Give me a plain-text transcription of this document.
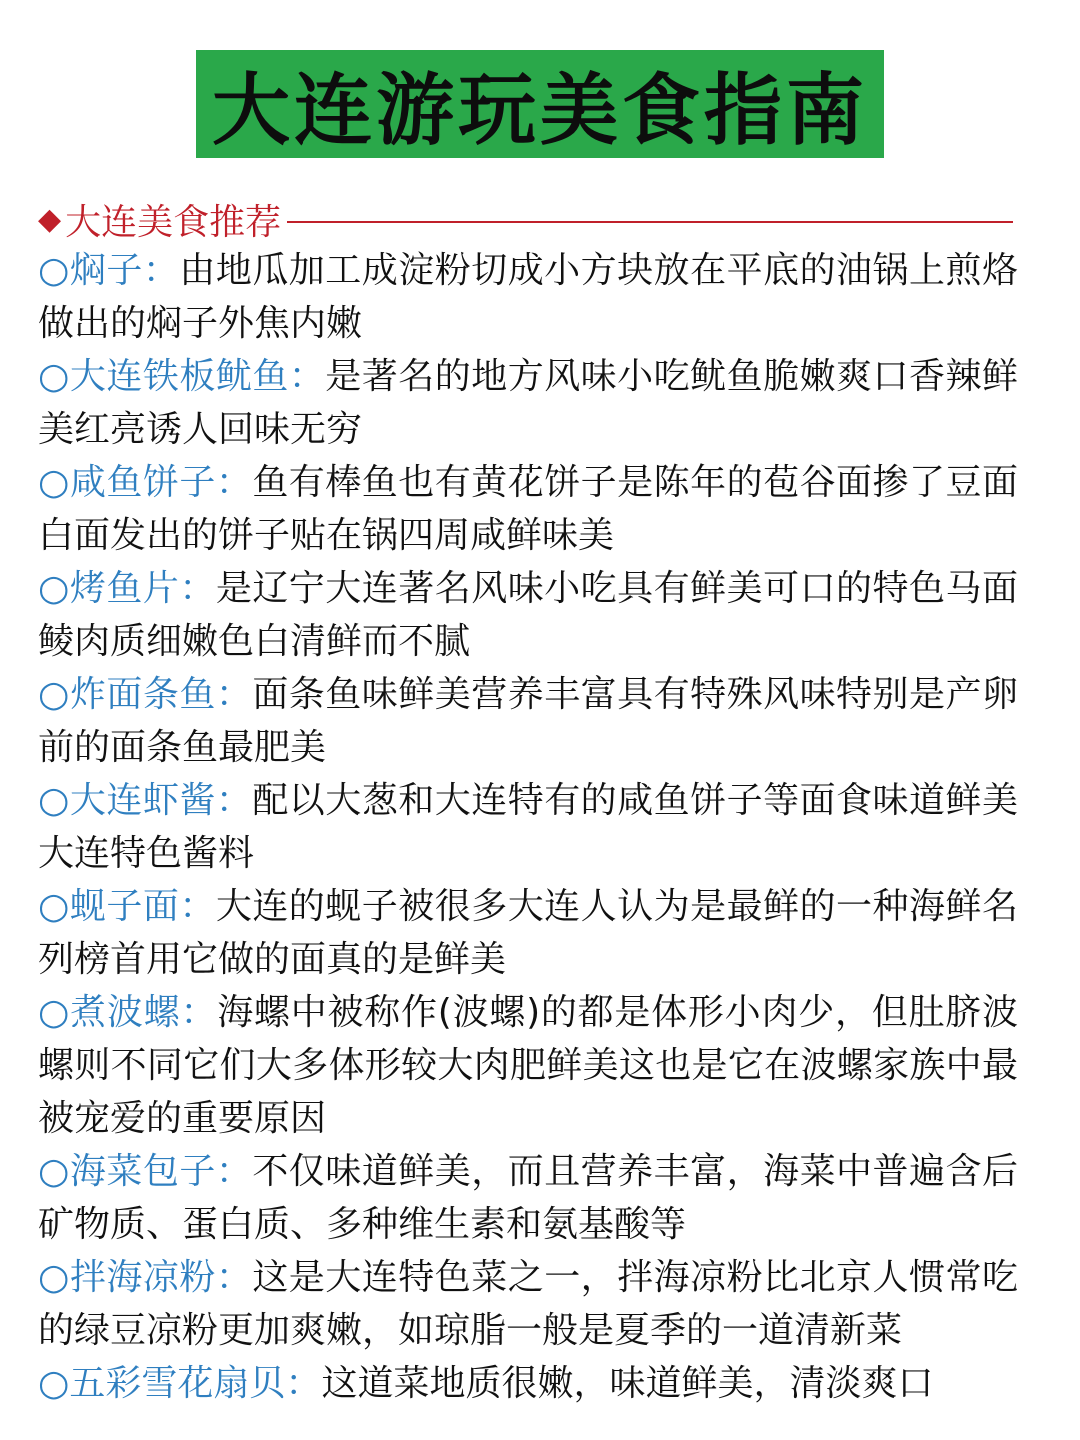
大连游玩美食指南
◆ 大连美食推荐
○焖子：由地瓜加工成淀粉切成小方块放在平底的油锅上煎烙做出的焖子外焦内嫩
○大连铁板鱿鱼：是著名的地方风味小吃鱿鱼脆嫩爽口香辣鲜美红亮诱人回味无穷
○咸鱼饼子：鱼有棒鱼也有黄花饼子是陈年的苞谷面掺了豆面白面发出的饼子贴在锅四周咸鲜味美
○烤鱼片：是辽宁大连著名风味小吃具有鲜美可口的特色马面鲮肉质细嫩色白清鲜而不腻
○炸面条鱼：面条鱼味鲜美营养丰富具有特殊风味特别是产卵前的面条鱼最肥美
○大连虾酱：配以大葱和大连特有的咸鱼饼子等面食味道鲜美大连特色酱料
○蚬子面：大连的蚬子被很多大连人认为是最鲜的一种海鲜名列榜首用它做的面真的是鲜美
○煮波螺：海螺中被称作(波螺)的都是体形小肉少，但肚脐波螺则不同它们大多体形较大肉肥鲜美这也是它在波螺家族中最被宠爱的重要原因
○海菜包子：不仅味道鲜美，而且营养丰富，海菜中普遍含后矿物质、蛋白质、多种维生素和氨基酸等
○拌海凉粉：这是大连特色菜之一，拌海凉粉比北京人惯常吃的绿豆凉粉更加爽嫩，如琼脂一般是夏季的一道清新菜
○五彩雪花扇贝：这道菜地质很嫩，味道鲜美，清淡爽口
